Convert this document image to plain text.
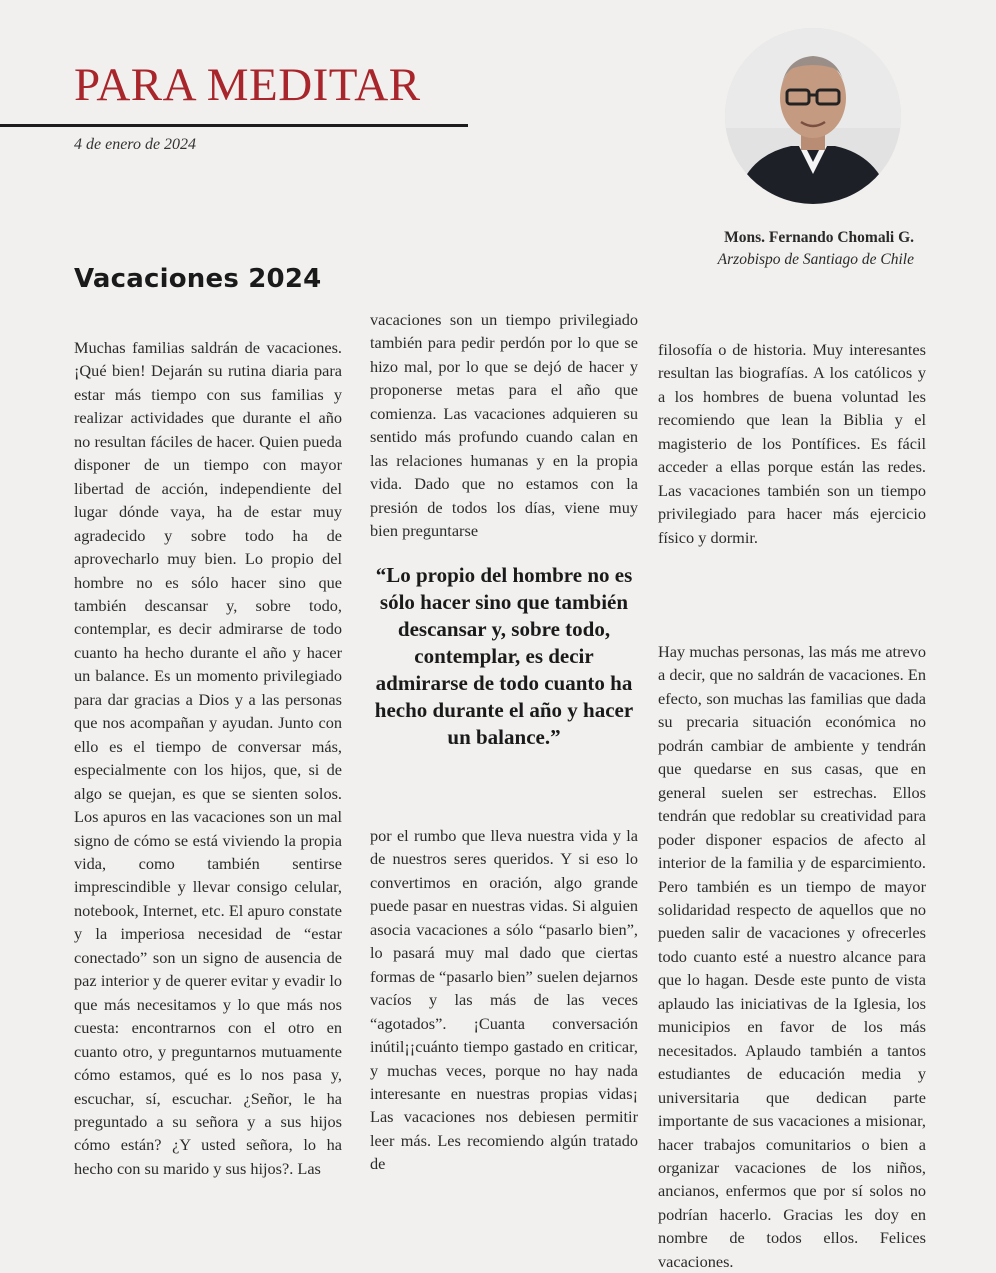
PARA MEDITAR
4 de enero de 2024
Mons. Fernando Chomali G.
Arzobispo de Santiago de Chile
Vacaciones 2024

Muchas familias saldrán de vacaciones. ¡Qué bien! Dejarán su rutina diaria para estar más tiempo con sus familias y realizar actividades que durante el año no resultan fáciles de hacer. Quien pueda disponer de un tiempo con mayor libertad de acción, independiente del lugar dónde vaya, ha de estar muy agradecido y sobre todo ha de aprovecharlo muy bien. Lo propio del hombre no es sólo hacer sino que también descansar y, sobre todo, contemplar, es decir admirarse de todo cuanto ha hecho durante el año y hacer un balance. Es un momento privilegiado para dar gracias a Dios y a las personas que nos acompañan y ayudan. Junto con ello es el tiempo de conversar más, especialmente con los hijos, que, si de algo se quejan, es que se sienten solos. Los apuros en las vacaciones son un mal signo de cómo se está viviendo la propia vida, como también sentirse imprescindible y llevar consigo celular, notebook, Internet, etc. El apuro constate y la imperiosa necesidad de “estar conectado” son un signo de ausencia de paz interior y de querer evitar y evadir lo que más necesitamos y lo que más nos cuesta: encontrarnos con el otro en cuanto otro, y preguntarnos mutuamente cómo estamos, qué es lo nos pasa y, escuchar, sí, escuchar. ¿Señor, le ha preguntado a su señora y a sus hijos cómo están? ¿Y usted señora, lo ha hecho con su marido y sus hijos?. Las

vacaciones son un tiempo privilegiado también para pedir perdón por lo que se hizo mal, por lo que se dejó de hacer y proponerse metas para el año que comienza. Las vacaciones adquieren su sentido más profundo cuando calan en las relaciones humanas y en la propia vida. Dado que no estamos con la presión de todos los días, viene muy bien preguntarse

“Lo propio del hombre no es sólo hacer sino que también descansar y, sobre todo, contemplar, es decir admirarse de todo cuanto ha hecho durante el año y hacer un balance.”

por el rumbo que lleva nuestra vida y la de nuestros seres queridos. Y si eso lo convertimos en oración, algo grande puede pasar en nuestras vidas. Si alguien asocia vacaciones a sólo “pasarlo bien”, lo pasará muy mal dado que ciertas formas de “pasarlo bien” suelen dejarnos vacíos y las más de las veces “agotados”. ¡Cuanta conversación inútil¡¡cuánto tiempo gastado en criticar, y muchas veces, porque no hay nada interesante en nuestras propias vidas¡ Las vacaciones nos debiesen permitir leer más. Les recomiendo algún tratado de

filosofía o de historia. Muy interesantes resultan las biografías. A los católicos y a los hombres de buena voluntad les recomiendo que lean la Biblia y el magisterio de los Pontífices. Es fácil acceder a ellas porque están las redes. Las vacaciones también son un tiempo privilegiado para hacer más ejercicio físico y dormir.

Hay muchas personas, las más me atrevo a decir, que no saldrán de vacaciones. En efecto, son muchas las familias que dada su precaria situación económica no podrán cambiar de ambiente y tendrán que quedarse en sus casas, que en general suelen ser estrechas. Ellos tendrán que redoblar su creatividad para poder disponer espacios de afecto al interior de la familia y de esparcimiento. Pero también es un tiempo de mayor solidaridad respecto de aquellos que no pueden salir de vacaciones y ofrecerles todo cuanto esté a nuestro alcance para que lo hagan. Desde este punto de vista aplaudo las iniciativas de la Iglesia, los municipios en favor de los más necesitados. Aplaudo también a tantos estudiantes de educación media y universitaria que dedican parte importante de sus vacaciones a misionar, hacer trabajos comunitarios o bien a organizar vacaciones de los niños, ancianos, enfermos que por sí solos no podrían hacerlo. Gracias les doy en nombre de todos ellos. Felices vacaciones.
